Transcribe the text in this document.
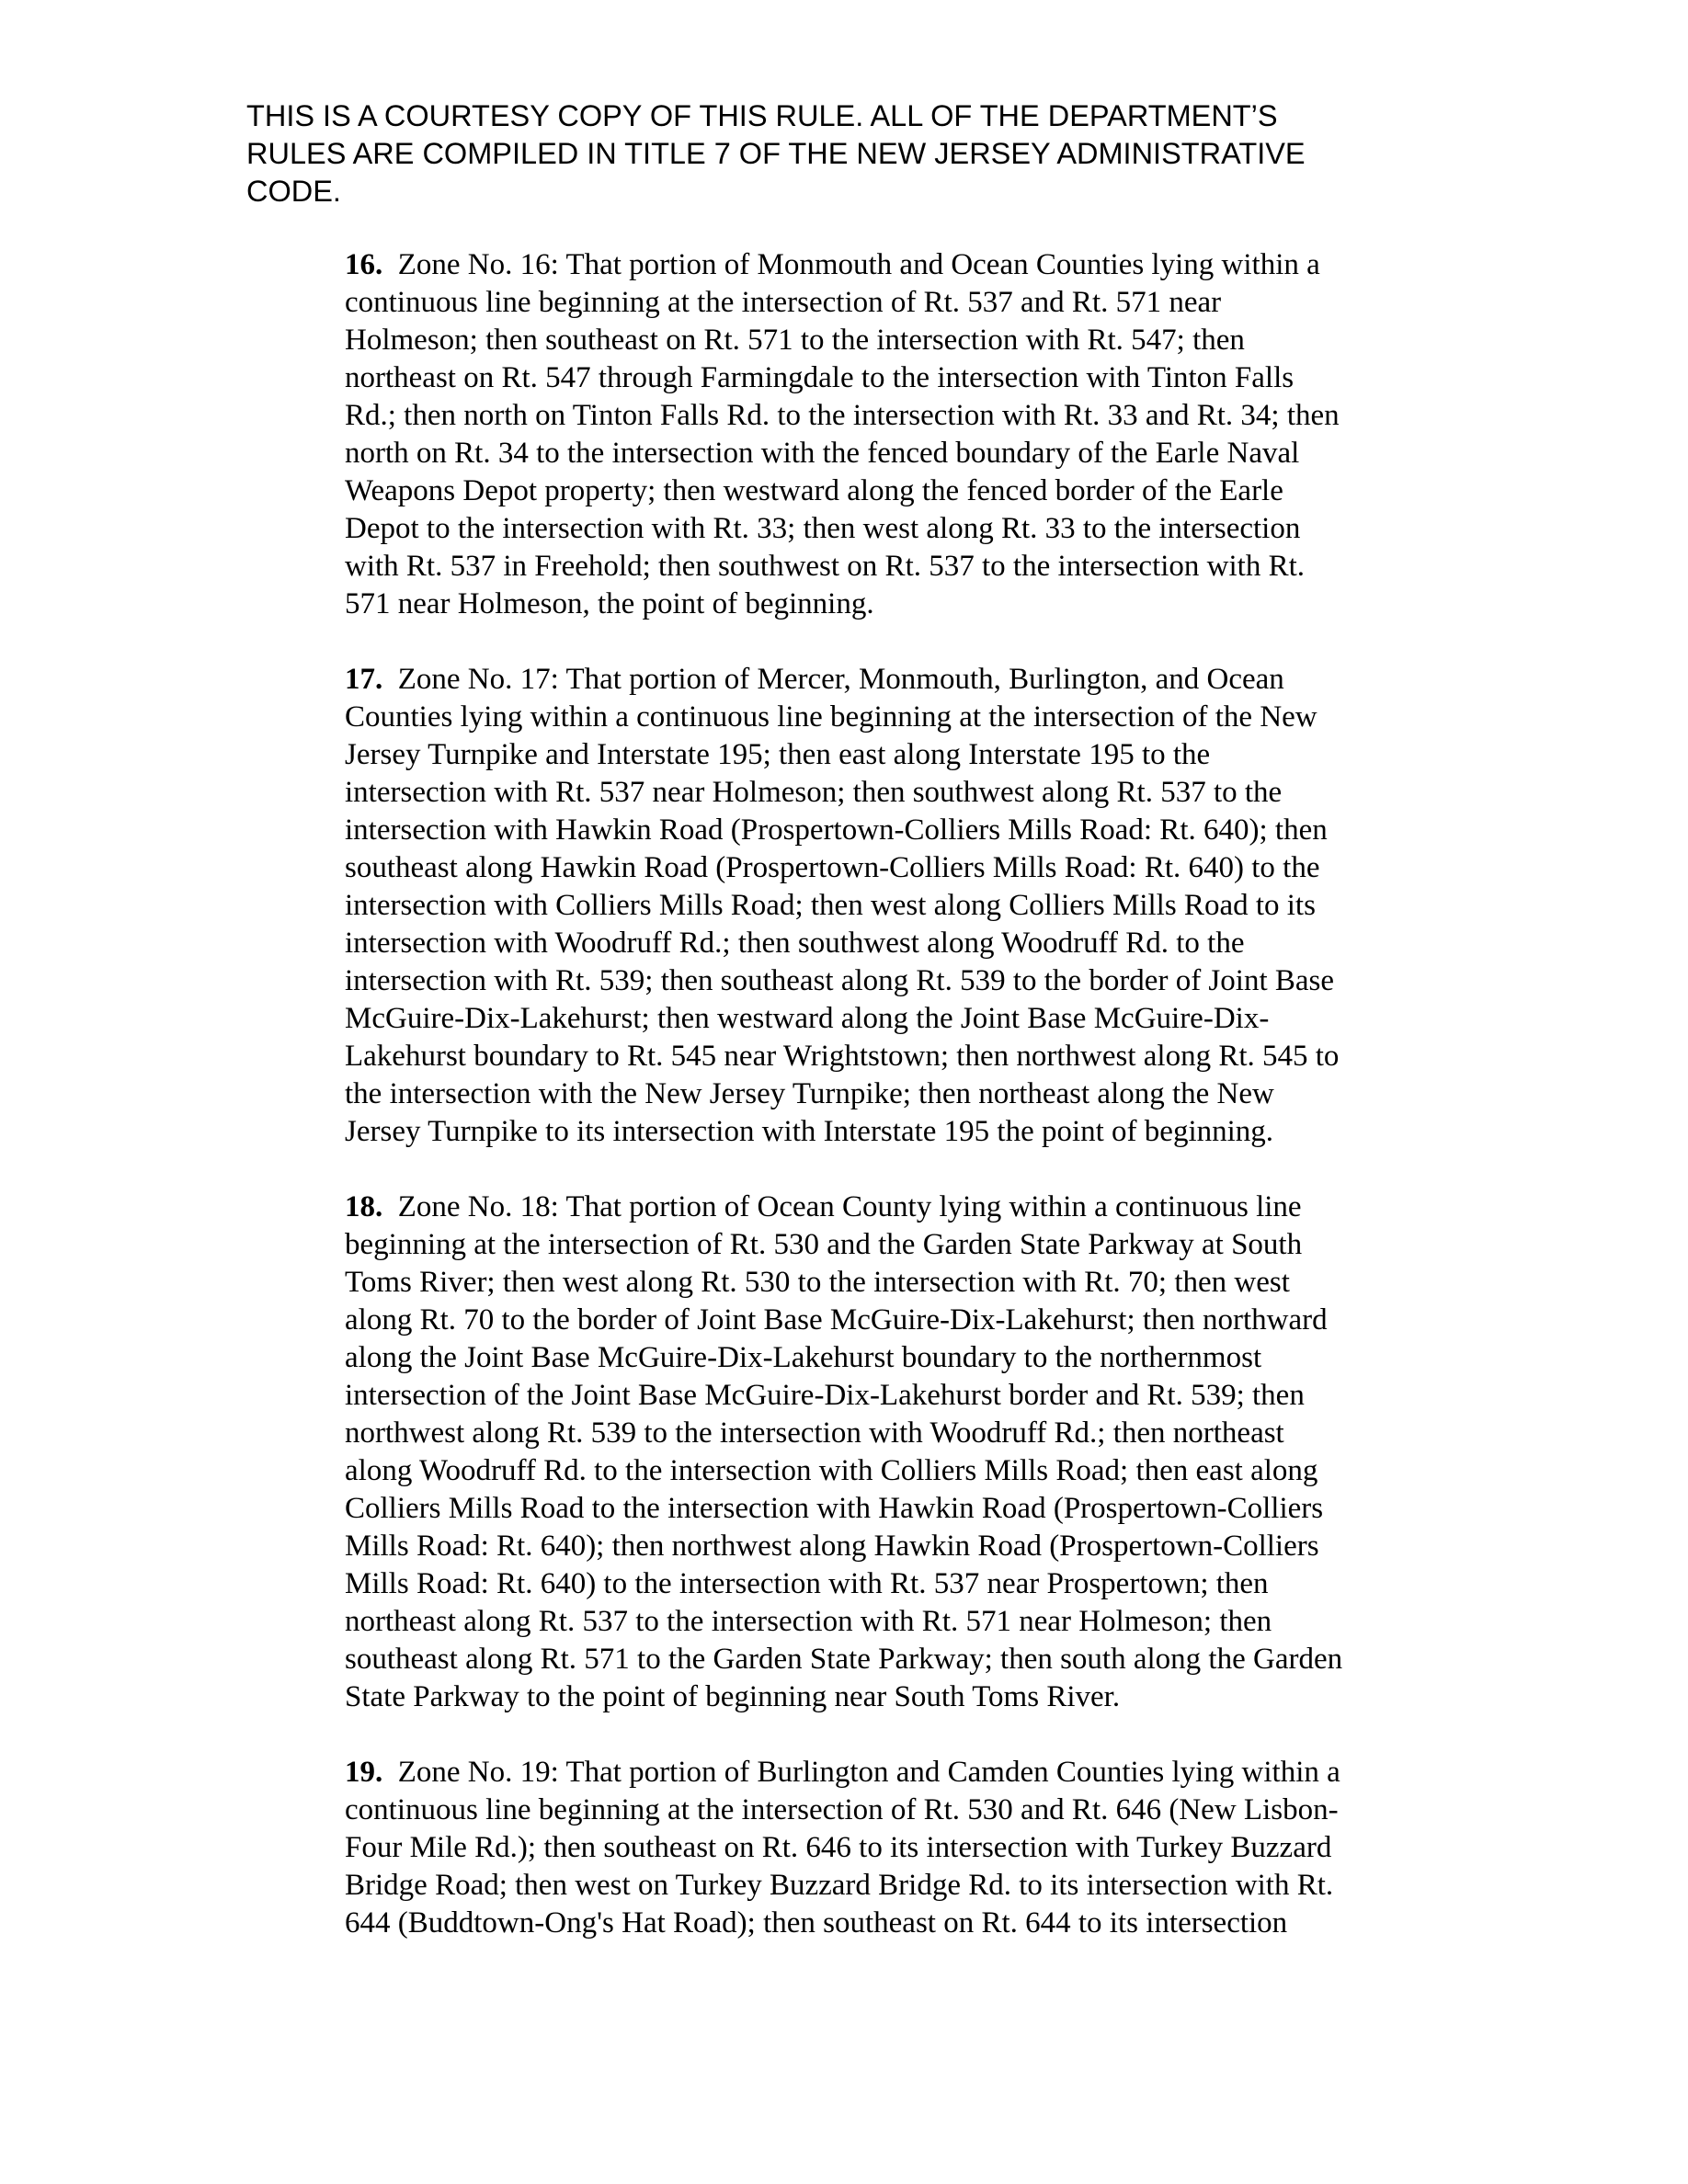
THIS IS A COURTESY COPY OF THIS RULE. ALL OF THE DEPARTMENT’S
RULES ARE COMPILED IN TITLE 7 OF THE NEW JERSEY ADMINISTRATIVE
CODE.

16.  Zone No. 16: That portion of Monmouth and Ocean Counties lying within a
continuous line beginning at the intersection of Rt. 537 and Rt. 571 near
Holmeson; then southeast on Rt. 571 to the intersection with Rt. 547; then
northeast on Rt. 547 through Farmingdale to the intersection with Tinton Falls
Rd.; then north on Tinton Falls Rd. to the intersection with Rt. 33 and Rt. 34; then
north on Rt. 34 to the intersection with the fenced boundary of the Earle Naval
Weapons Depot property; then westward along the fenced border of the Earle
Depot to the intersection with Rt. 33; then west along Rt. 33 to the intersection
with Rt. 537 in Freehold; then southwest on Rt. 537 to the intersection with Rt.
571 near Holmeson, the point of beginning.

17.  Zone No. 17: That portion of Mercer, Monmouth, Burlington, and Ocean
Counties lying within a continuous line beginning at the intersection of the New
Jersey Turnpike and Interstate 195; then east along Interstate 195 to the
intersection with Rt. 537 near Holmeson; then southwest along Rt. 537 to the
intersection with Hawkin Road (Prospertown-Colliers Mills Road: Rt. 640); then
southeast along Hawkin Road (Prospertown-Colliers Mills Road: Rt. 640) to the
intersection with Colliers Mills Road; then west along Colliers Mills Road to its
intersection with Woodruff Rd.; then southwest along Woodruff Rd. to the
intersection with Rt. 539; then southeast along Rt. 539 to the border of Joint Base
McGuire-Dix-Lakehurst; then westward along the Joint Base McGuire-Dix-
Lakehurst boundary to Rt. 545 near Wrightstown; then northwest along Rt. 545 to
the intersection with the New Jersey Turnpike; then northeast along the New
Jersey Turnpike to its intersection with Interstate 195 the point of beginning.

18.  Zone No. 18: That portion of Ocean County lying within a continuous line
beginning at the intersection of Rt. 530 and the Garden State Parkway at South
Toms River; then west along Rt. 530 to the intersection with Rt. 70; then west
along Rt. 70 to the border of Joint Base McGuire-Dix-Lakehurst; then northward
along the Joint Base McGuire-Dix-Lakehurst boundary to the northernmost
intersection of the Joint Base McGuire-Dix-Lakehurst border and Rt. 539; then
northwest along Rt. 539 to the intersection with Woodruff Rd.; then northeast
along Woodruff Rd. to the intersection with Colliers Mills Road; then east along
Colliers Mills Road to the intersection with Hawkin Road (Prospertown-Colliers
Mills Road: Rt. 640); then northwest along Hawkin Road (Prospertown-Colliers
Mills Road: Rt. 640) to the intersection with Rt. 537 near Prospertown; then
northeast along Rt. 537 to the intersection with Rt. 571 near Holmeson; then
southeast along Rt. 571 to the Garden State Parkway; then south along the Garden
State Parkway to the point of beginning near South Toms River.

19.  Zone No. 19: That portion of Burlington and Camden Counties lying within a
continuous line beginning at the intersection of Rt. 530 and Rt. 646 (New Lisbon-
Four Mile Rd.); then southeast on Rt. 646 to its intersection with Turkey Buzzard
Bridge Road; then west on Turkey Buzzard Bridge Rd. to its intersection with Rt.
644 (Buddtown-Ong's Hat Road); then southeast on Rt. 644 to its intersection
